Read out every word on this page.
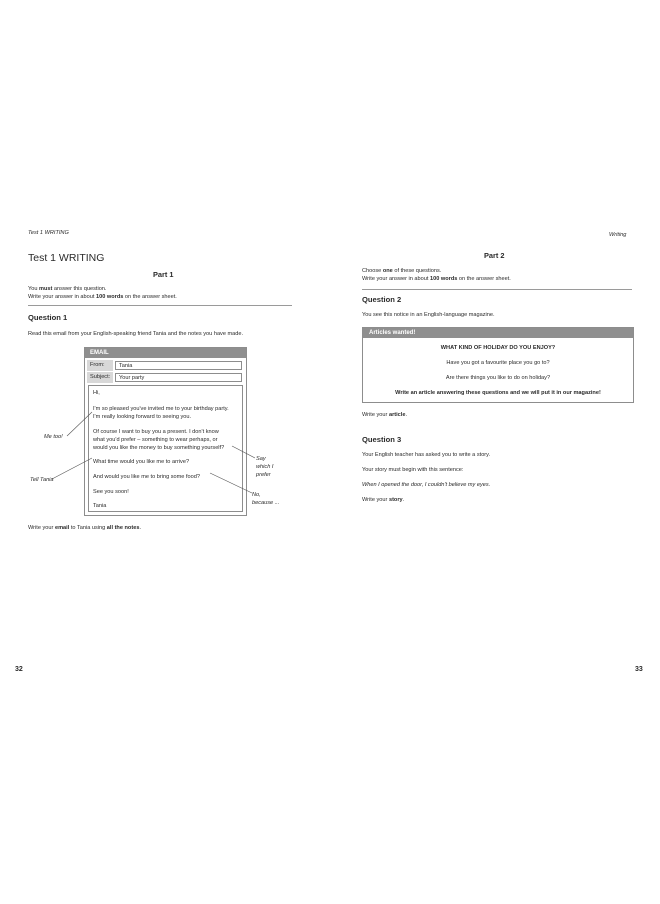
Test 1 WRITING
Test 1 WRITING
Part 1
You must answer this question.
Write your answer in about 100 words on the answer sheet.
Question 1
Read this email from your English-speaking friend Tania and the notes you have made.
EMAIL
From:	Tania
Subject:	Your party
Hi,
I'm so pleased you've invited me to your birthday party.
I'm really looking forward to seeing you.
Of course I want to buy you a present. I don't know
what you'd prefer – something to wear perhaps, or
would you like the money to buy something yourself?
What time would you like me to arrive?
And would you like me to bring some food?
See you soon!
Tania
Me too!
Tell Tania
Say
which I
prefer
No,
because ...
Write your email to Tania using all the notes.
32
Writing
Part 2
Choose one of these questions.
Write your answer in about 100 words on the answer sheet.
Question 2
You see this notice in an English-language magazine.
Articles wanted!
WHAT KIND OF HOLIDAY DO YOU ENJOY?
Have you got a favourite place you go to?
Are there things you like to do on holiday?
Write an article answering these questions and we will put it in our magazine!
Write your article.
Question 3
Your English teacher has asked you to write a story.
Your story must begin with this sentence:
When I opened the door, I couldn't believe my eyes.
Write your story.
33
